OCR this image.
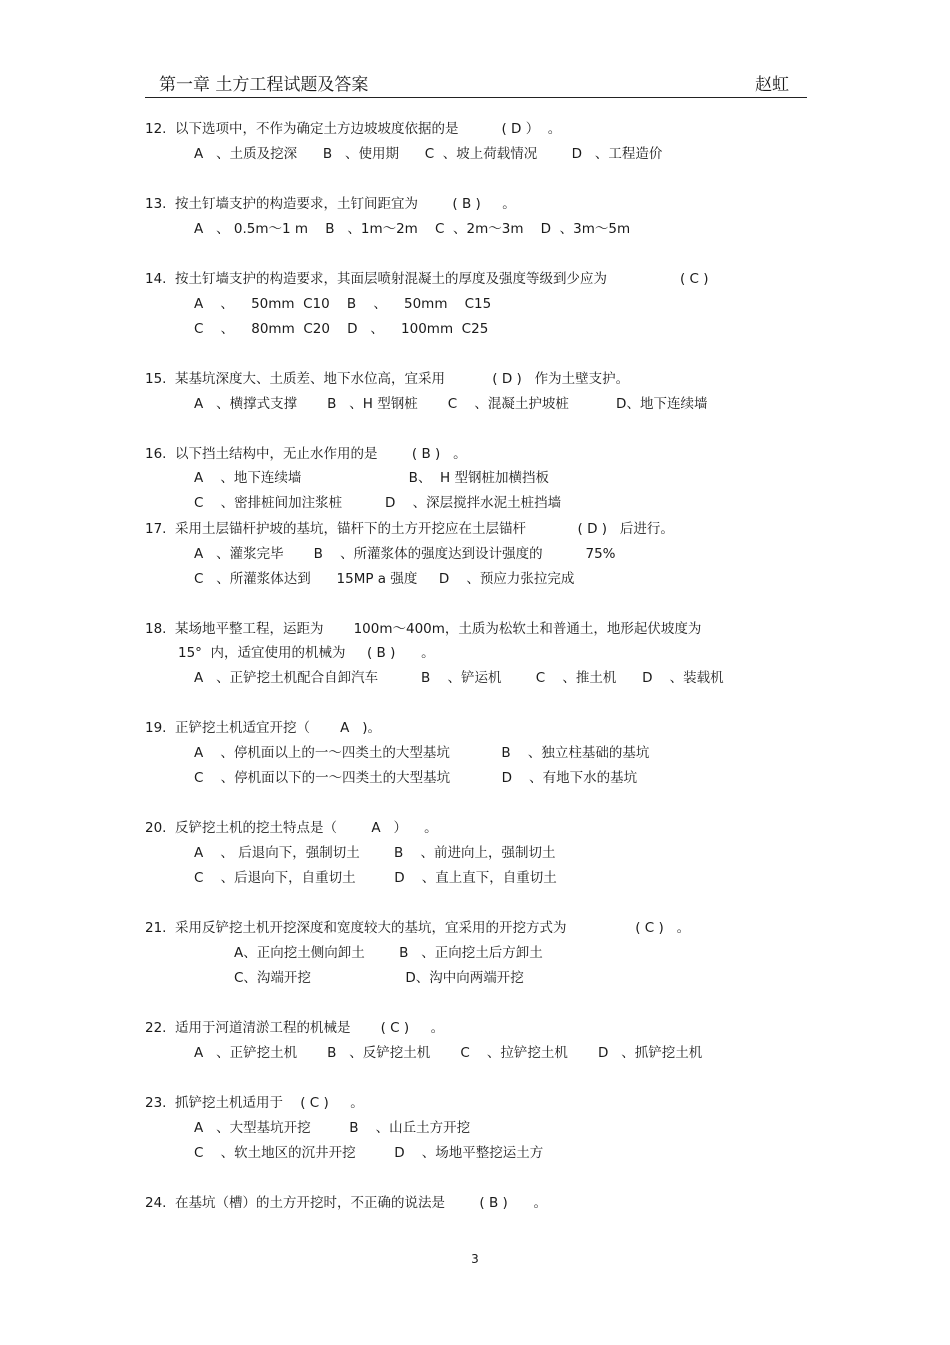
第一章 土方工程试题及答案	赵虹
12.  以下选项中，不作为确定土方边坡坡度依据的是          ( D ）  。
A   、土质及挖深      B   、使用期      C  、坡上荷载情况        D   、工程造价
13.  按土钉墙支护的构造要求，土钉间距宜为        ( B )     。
A   、 0.5m～1 m    B   、1m～2m    C  、2m～3m    D  、3m～5m
14.  按土钉墙支护的构造要求，其面层喷射混凝土的厚度及强度等级到少应为                 ( C )
A    、    50mm  C10    B    、    50mm    C15
C    、    80mm  C20    D   、    100mm  C25
15.  某基坑深度大、土质差、地下水位高，宜采用           ( D )   作为土壁支护。
A   、横撑式支撑       B   、H 型钢桩       C    、混凝土护坡桩           D、地下连续墙
16.  以下挡土结构中，无止水作用的是        ( B )   。
A    、地下连续墙                         B、  H 型钢桩加横挡板
C    、密排桩间加注浆桩          D    、深层搅拌水泥土桩挡墙
17.  采用土层锚杆护坡的基坑，锚杆下的土方开挖应在土层锚杆            ( D )   后进行。
A   、灌浆完毕       B    、所灌浆体的强度达到设计强度的          75%
C   、所灌浆体达到      15MP a 强度     D    、预应力张拉完成
18.  某场地平整工程，运距为       100m～400m，土质为松软土和普通土，地形起伏坡度为
15°  内，适宜使用的机械为     ( B )      。
A   、正铲挖土机配合自卸汽车          B    、铲运机        C    、推土机      D    、装载机
19.  正铲挖土机适宜开挖（       A   )。
A    、停机面以上的一～四类土的大型基坑            B    、独立柱基础的基坑
C    、停机面以下的一～四类土的大型基坑            D    、有地下水的基坑
20.  反铲挖土机的挖土特点是（        A   ）    。
A    、 后退向下，强制切土        B    、前进向上，强制切土
C    、后退向下，自重切土         D    、直上直下，自重切土
21.  采用反铲挖土机开挖深度和宽度较大的基坑，宜采用的开挖方式为                ( C )   。
A、正向挖土侧向卸土        B   、正向挖土后方卸土
C、沟端开挖                      D、沟中向两端开挖
22.  适用于河道清淤工程的机械是       ( C )     。
A   、正铲挖土机       B   、反铲挖土机       C    、拉铲挖土机       D   、抓铲挖土机
23.  抓铲挖土机适用于    ( C )     。
A   、大型基坑开挖         B    、山丘土方开挖
C    、软土地区的沉井开挖         D    、场地平整挖运土方
24.  在基坑（槽）的土方开挖时，不正确的说法是        ( B )      。
3
